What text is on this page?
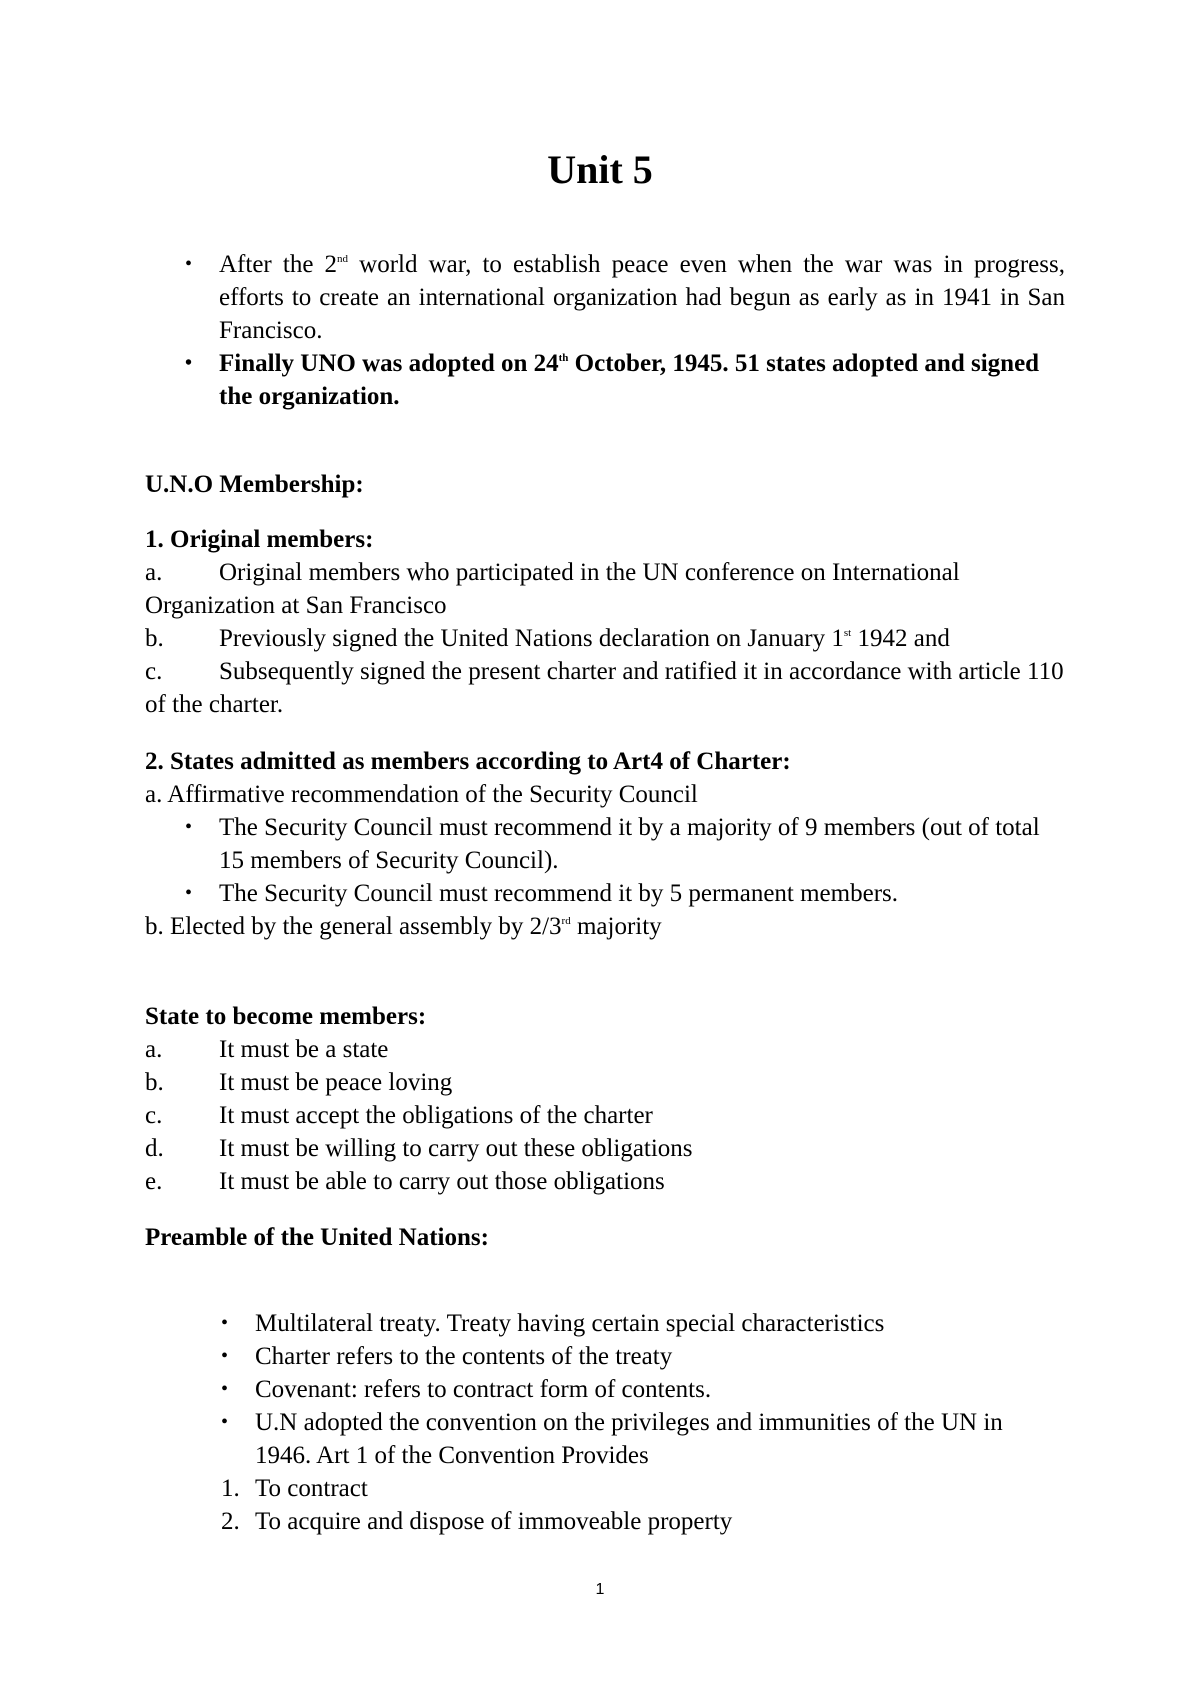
Unit 5
• After the 2nd world war, to establish peace even when the war was in progress, efforts to create an international organization had begun as early as in 1941 in San Francisco.
• Finally UNO was adopted on 24th October, 1945. 51 states adopted and signed the organization.
U.N.O Membership:
1. Original members:
a. Original members who participated in the UN conference on International Organization at San Francisco
b. Previously signed the United Nations declaration on January 1st 1942 and
c. Subsequently signed the present charter and ratified it in accordance with article 110 of the charter.
2. States admitted as members according to Art4 of Charter:
a. Affirmative recommendation of the Security Council
• The Security Council must recommend it by a majority of 9 members (out of total 15 members of Security Council).
• The Security Council must recommend it by 5 permanent members.
b. Elected by the general assembly by 2/3rd majority
State to become members:
a. It must be a state
b. It must be peace loving
c. It must accept the obligations of the charter
d. It must be willing to carry out these obligations
e. It must be able to carry out those obligations
Preamble of the United Nations:
• Multilateral treaty. Treaty having certain special characteristics
• Charter refers to the contents of the treaty
• Covenant: refers to contract form of contents.
• U.N adopted the convention on the privileges and immunities of the UN in 1946. Art 1 of the Convention Provides
1. To contract
2. To acquire and dispose of immoveable property
1
